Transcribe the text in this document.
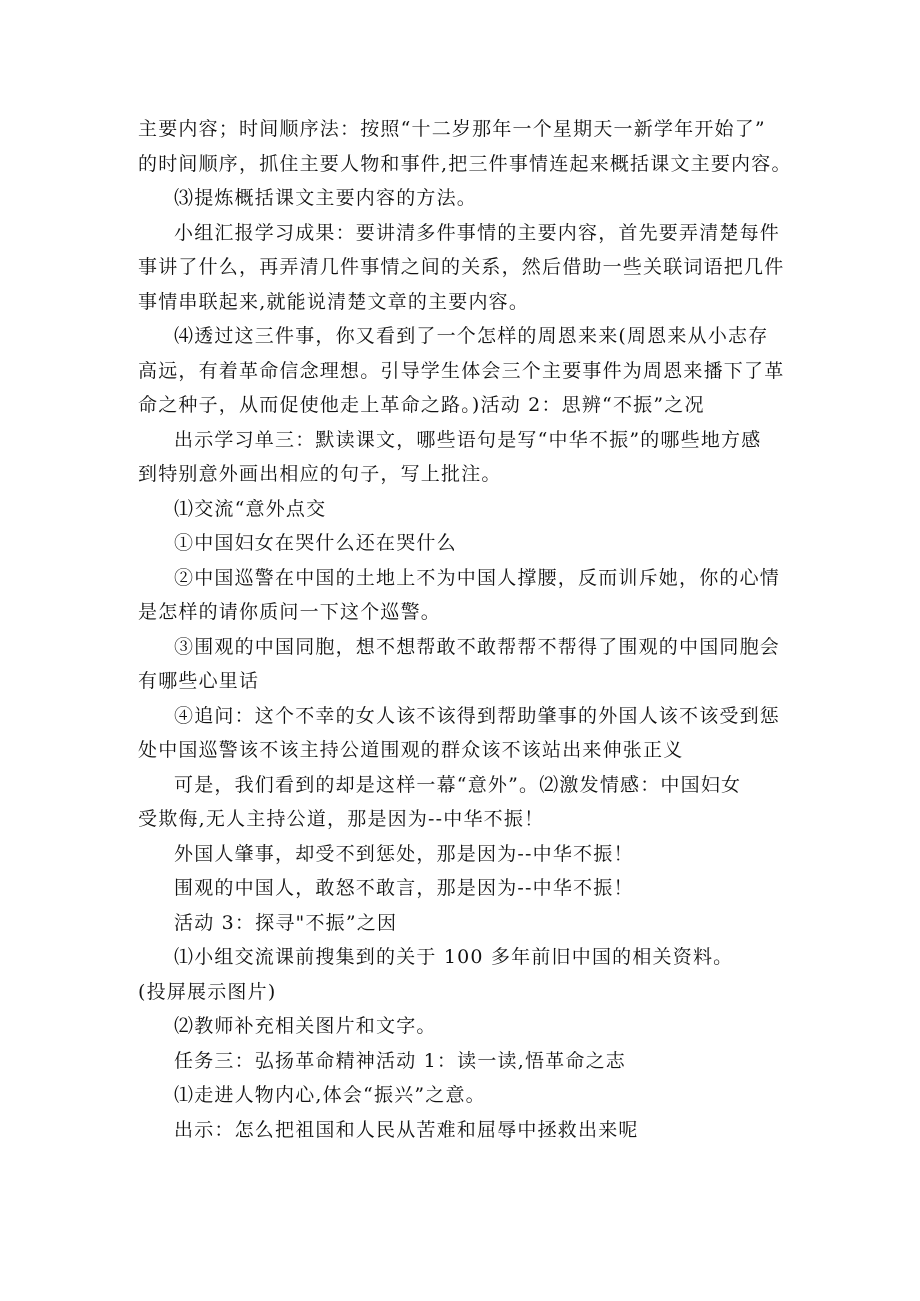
主要内容；时间顺序法：按照“十二岁那年一个星期天一新学年开始了”
的时间顺序，抓住主要人物和事件,把三件事情连起来概括课文主要内容。
⑶提炼概括课文主要内容的方法。
小组汇报学习成果：要讲清多件事情的主要内容，首先要弄清楚每件
事讲了什么，再弄清几件事情之间的关系，然后借助一些关联词语把几件
事情串联起来,就能说清楚文章的主要内容。
⑷透过这三件事，你又看到了一个怎样的周恩来来(周恩来从小志存
高远，有着革命信念理想。引导学生体会三个主要事件为周恩来播下了革
命之种子，从而促使他走上革命之路。)活动 2：思辨“不振”之况
出示学习单三：默读课文，哪些语句是写“中华不振”的哪些地方感
到特别意外画出相应的句子，写上批注。
⑴交流“意外点交
①中国妇女在哭什么还在哭什么
②中国巡警在中国的土地上不为中国人撑腰，反而训斥她，你的心情
是怎样的请你质问一下这个巡警。
③围观的中国同胞，想不想帮敢不敢帮帮不帮得了围观的中国同胞会
有哪些心里话
④追问：这个不幸的女人该不该得到帮助肇事的外国人该不该受到惩
处中国巡警该不该主持公道围观的群众该不该站出来伸张正义
可是，我们看到的却是这样一幕“意外”。⑵激发情感：中国妇女
受欺侮,无人主持公道，那是因为--中华不振！
外国人肇事，却受不到惩处，那是因为--中华不振！
围观的中国人，敢怒不敢言，那是因为--中华不振！
活动 3：探寻"不振”之因
⑴小组交流课前搜集到的关于 100 多年前旧中国的相关资料。
(投屏展示图片)
⑵教师补充相关图片和文字。
任务三：弘扬革命精神活动 1：读一读,悟革命之志
⑴走进人物内心,体会“振兴”之意。
出示：怎么把祖国和人民从苦难和屈辱中拯救出来呢
